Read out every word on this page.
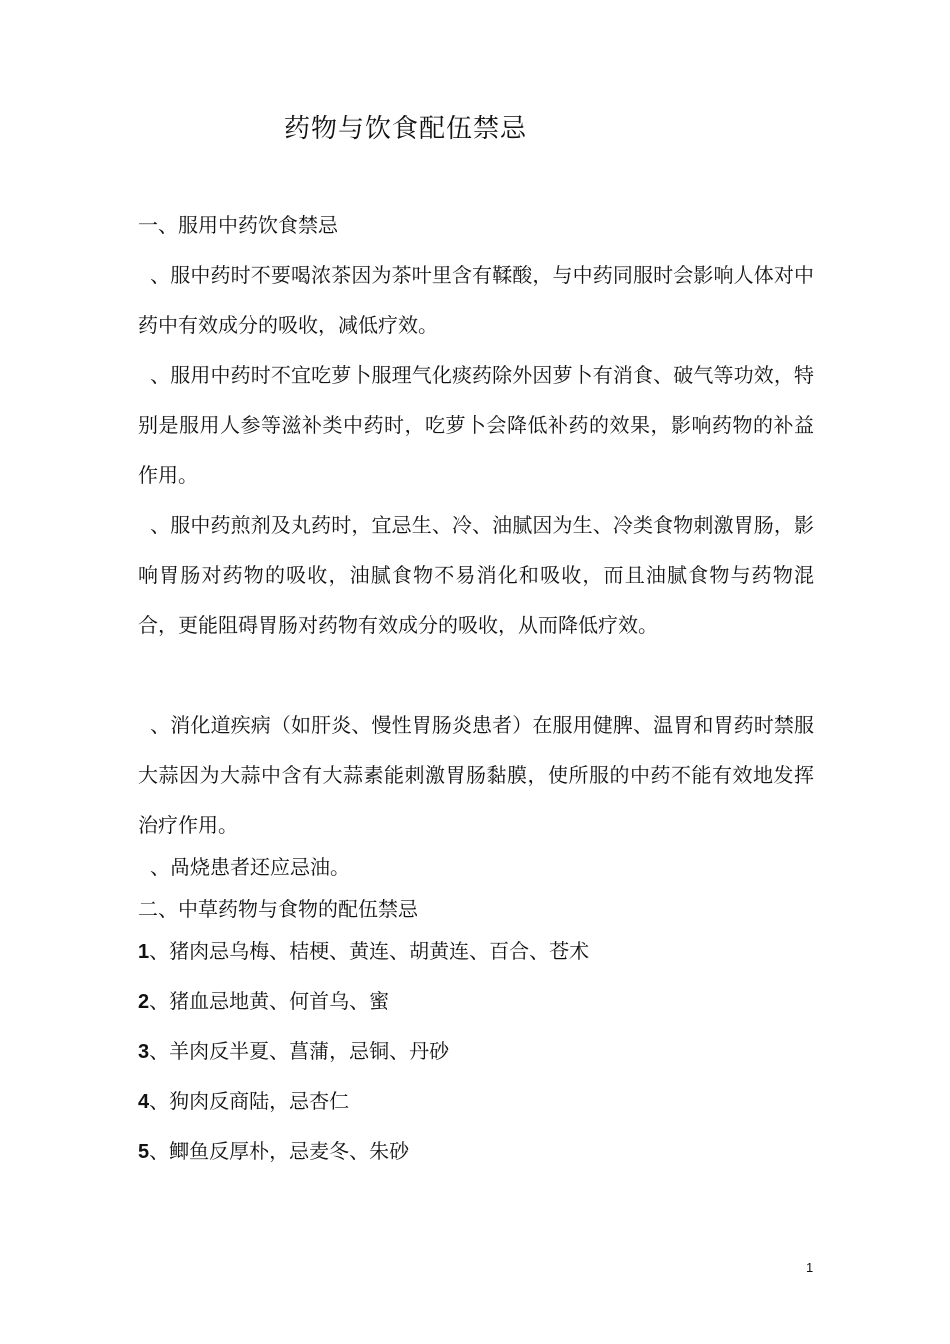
药物与饮食配伍禁忌
一、服用中药饮食禁忌

、服中药时不要喝浓茶因为茶叶里含有鞣酸，与中药同服时会影响人体对中药中有效成分的吸收，减低疗效。

、服用中药时不宜吃萝卜服理气化痰药除外因萝卜有消食、破气等功效，特别是服用人参等滋补类中药时，吃萝卜会降低补药的效果，影响药物的补益作用。

、服中药煎剂及丸药时，宜忌生、冷、油腻因为生、冷类食物刺激胃肠，影响胃肠对药物的吸收，油腻食物不易消化和吸收，而且油腻食物与药物混合，更能阻碍胃肠对药物有效成分的吸收，从而降低疗效。

、消化道疾病（如肝炎、慢性胃肠炎患者）在服用健脾、温胃和胃药时禁服大蒜因为大蒜中含有大蒜素能刺激胃肠黏膜，使所服的中药不能有效地发挥治疗作用。

、咼烧患者还应忌油。

二、中草药物与食物的配伍禁忌
1、猪肉忌乌梅、桔梗、黄连、胡黄连、百合、苍术
2、猪血忌地黄、何首乌、蜜
3、羊肉反半夏、菖蒲，忌铜、丹砂
4、狗肉反商陆，忌杏仁
5、鲫鱼反厚朴，忌麦冬、朱砂
1
